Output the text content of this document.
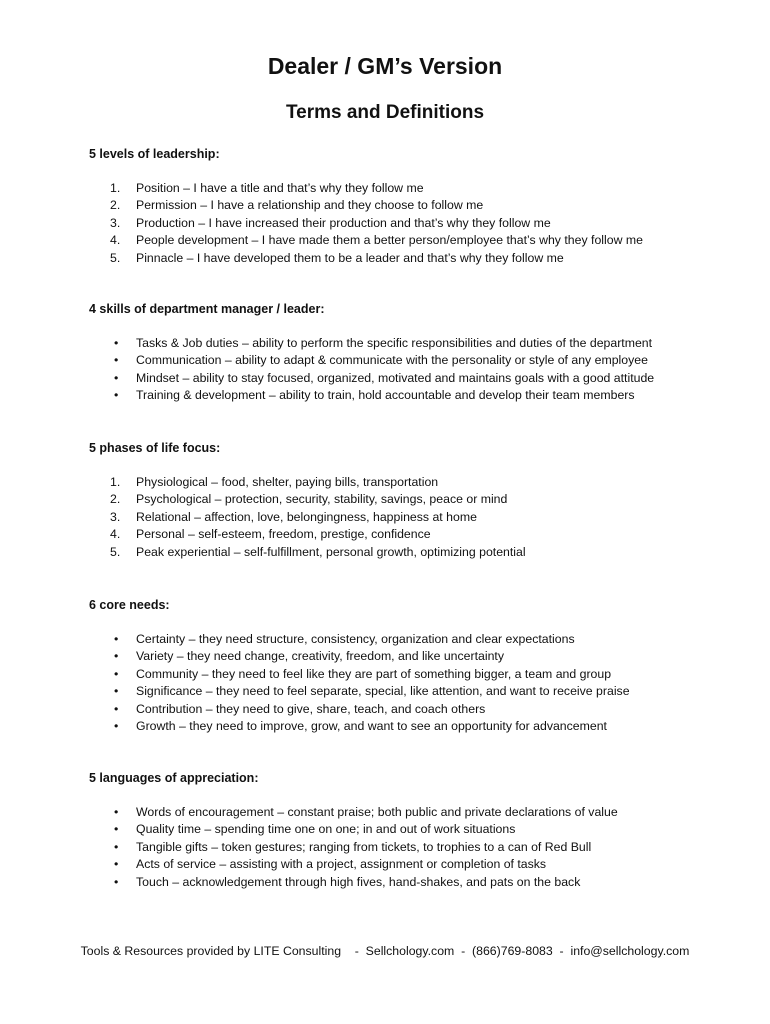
Dealer / GM’s Version
Terms and Definitions
5 levels of leadership:
1. Position – I have a title and that’s why they follow me
2. Permission – I have a relationship and they choose to follow me
3. Production – I have increased their production and that’s why they follow me
4. People development – I have made them a better person/employee that’s why they follow me
5. Pinnacle – I have developed them to be a leader and that’s why they follow me
4 skills of department manager / leader:
• Tasks & Job duties – ability to perform the specific responsibilities and duties of the department
• Communication – ability to adapt & communicate with the personality or style of any employee
• Mindset – ability to stay focused, organized, motivated and maintains goals with a good attitude
• Training & development – ability to train, hold accountable and develop their team members
5 phases of life focus:
1. Physiological – food, shelter, paying bills, transportation
2. Psychological – protection, security, stability, savings, peace or mind
3. Relational – affection, love, belongingness, happiness at home
4. Personal – self-esteem, freedom, prestige, confidence
5. Peak experiential – self-fulfillment, personal growth, optimizing potential
6 core needs:
• Certainty – they need structure, consistency, organization and clear expectations
• Variety – they need change, creativity, freedom, and like uncertainty
• Community – they need to feel like they are part of something bigger, a team and group
• Significance – they need to feel separate, special, like attention, and want to receive praise
• Contribution – they need to give, share, teach, and coach others
• Growth – they need to improve, grow, and want to see an opportunity for advancement
5 languages of appreciation:
• Words of encouragement – constant praise; both public and private declarations of value
• Quality time – spending time one on one; in and out of work situations
• Tangible gifts – token gestures; ranging from tickets, to trophies to a can of Red Bull
• Acts of service – assisting with a project, assignment or completion of tasks
• Touch – acknowledgement through high fives, hand-shakes, and pats on the back
Tools & Resources provided by LITE Consulting    -  Sellchology.com  -  (866)769-8083  -  info@sellchology.com
